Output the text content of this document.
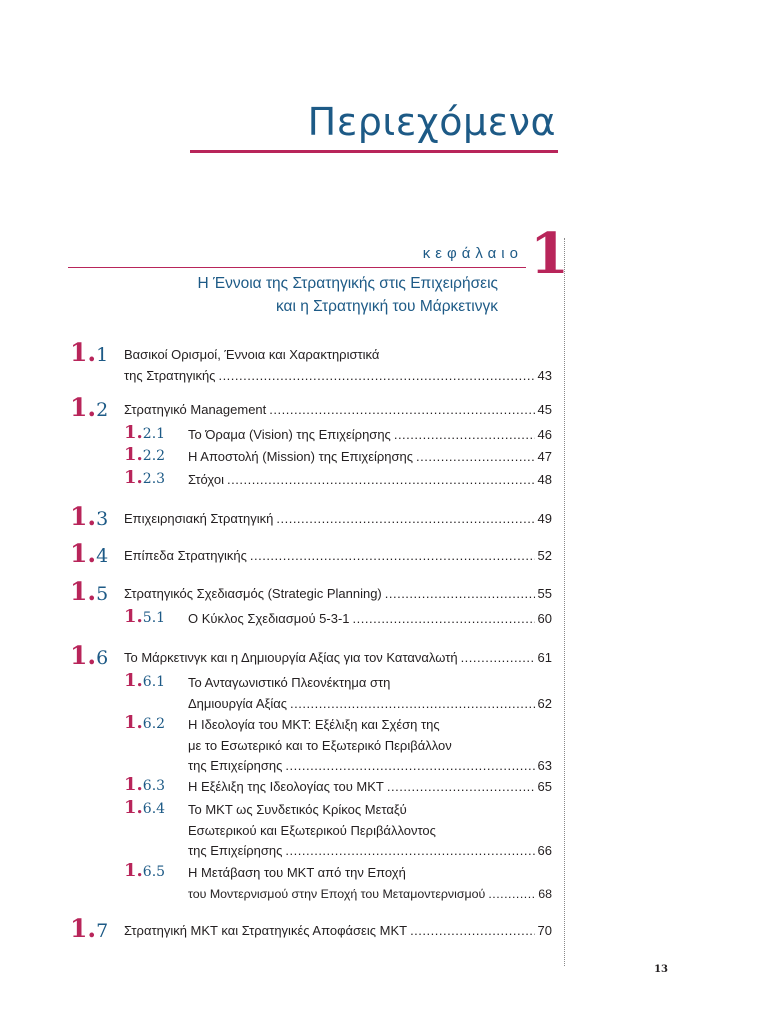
Περιεχόμενα
κεφάλαιο 1
Η Έννοια της Στρατηγικής στις Επιχειρήσεις
και η Στρατηγική του Μάρκετινγκ
1.1 Βασικοί Ορισμοί, Έννοια και Χαρακτηριστικά
της Στρατηγικής .....	43
1.2 Στρατηγικό Management .....	45
1.2.1 Το Όραμα (Vision) της Επιχείρησης .....	46
1.2.2 Η Αποστολή (Mission) της Επιχείρησης .....	47
1.2.3 Στόχοι .....	48
1.3 Επιχειρησιακή Στρατηγική .....	49
1.4 Επίπεδα Στρατηγικής .....	52
1.5 Στρατηγικός Σχεδιασμός (Strategic Planning) .....	55
1.5.1 Ο Κύκλος Σχεδιασμού 5-3-1 .....	60
1.6 Το Μάρκετινγκ και η Δημιουργία Αξίας για τον Καταναλωτή .....	61
1.6.1 Το Ανταγωνιστικό Πλεονέκτημα στη
Δημιουργία Αξίας .....	62
1.6.2 Η Ιδεολογία του ΜΚΤ: Εξέλιξη και Σχέση της
με το Εσωτερικό και το Εξωτερικό Περιβάλλον
της Επιχείρησης .....	63
1.6.3 Η Εξέλιξη της Ιδεολογίας του ΜΚΤ .....	65
1.6.4 Το ΜΚΤ ως Συνδετικός Κρίκος Μεταξύ
Εσωτερικού και Εξωτερικού Περιβάλλοντος
της Επιχείρησης .....	66
1.6.5 Η Μετάβαση του ΜΚΤ από την Εποχή
του Μοντερνισμού στην Εποχή του Μεταμοντερνισμού .....	68
1.7 Στρατηγική ΜΚΤ και Στρατηγικές Αποφάσεις ΜΚΤ .....	70
13
